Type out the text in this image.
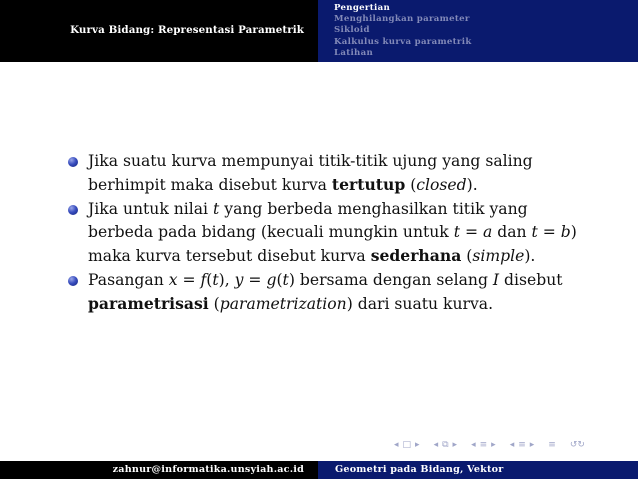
Kurva Bidang: Representasi Parametrik
Pengertian
Menghilangkan parameter
Sikloid
Kalkulus kurva parametrik
Latihan
Jika suatu kurva mempunyai titik-titik ujung yang saling berhimpit maka disebut kurva tertutup (closed).
Jika untuk nilai t yang berbeda menghasilkan titik yang berbeda pada bidang (kecuali mungkin untuk t = a dan t = b) maka kurva tersebut disebut kurva sederhana (simple).
Pasangan x = f(t), y = g(t) bersama dengan selang I disebut parametrisasi (parametrization) dari suatu kurva.
◂ □ ▸ ◂ ⧉ ▸ ◂ ≡ ▸ ◂ ≡ ▸ ≡ ↺↻
zahnur@informatika.unsyiah.ac.id	Geometri pada Bidang, Vektor
